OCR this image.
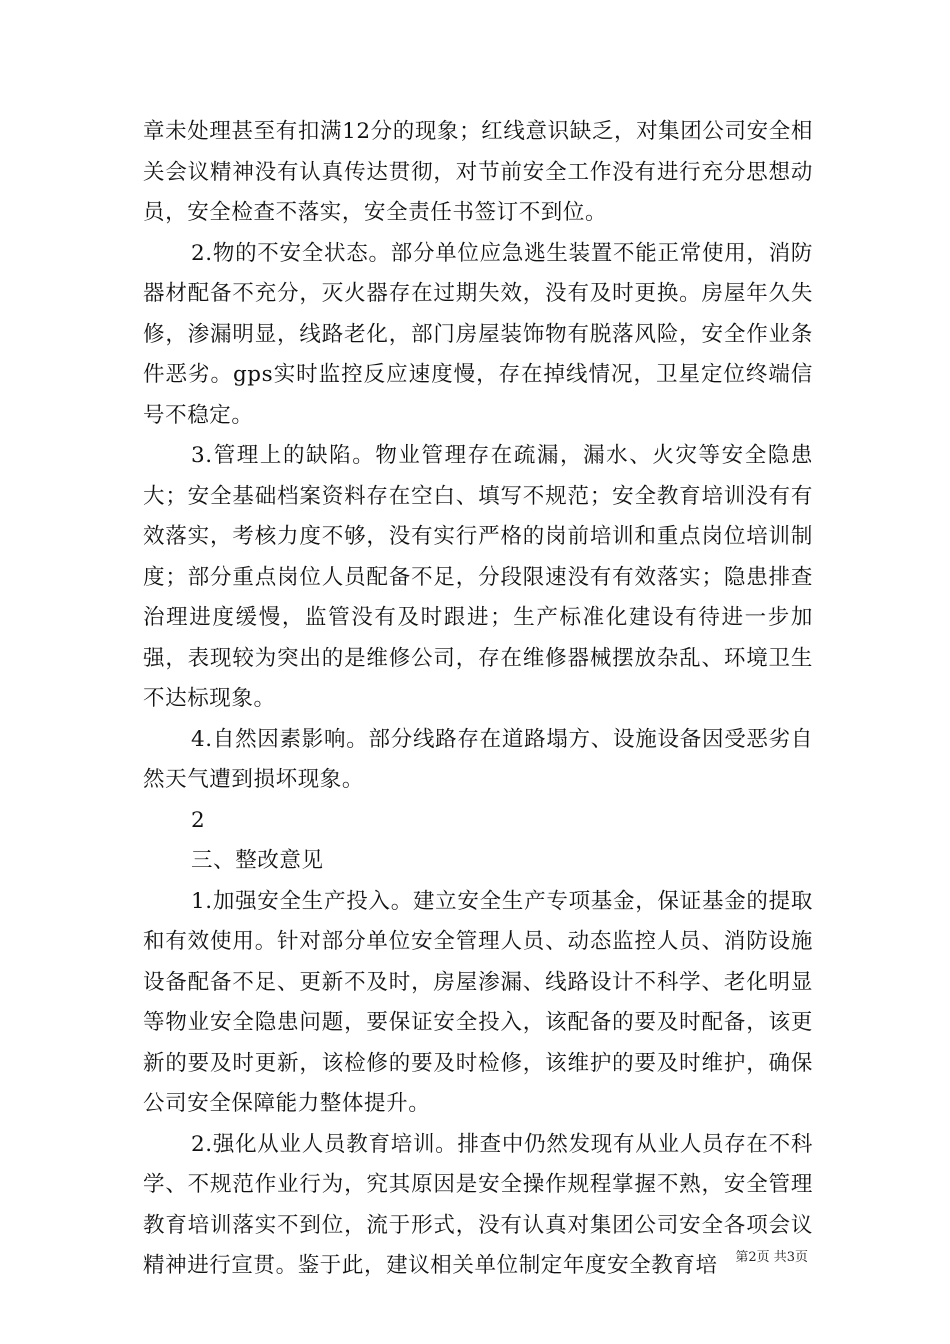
章未处理甚至有扣满12分的现象；红线意识缺乏，对集团公司安全相关会议精神没有认真传达贯彻，对节前安全工作没有进行充分思想动员，安全检查不落实，安全责任书签订不到位。

2.物的不安全状态。部分单位应急逃生装置不能正常使用，消防器材配备不充分，灭火器存在过期失效，没有及时更换。房屋年久失修，渗漏明显，线路老化，部门房屋装饰物有脱落风险，安全作业条件恶劣。gps实时监控反应速度慢，存在掉线情况，卫星定位终端信号不稳定。

3.管理上的缺陷。物业管理存在疏漏，漏水、火灾等安全隐患大；安全基础档案资料存在空白、填写不规范；安全教育培训没有有效落实，考核力度不够，没有实行严格的岗前培训和重点岗位培训制度；部分重点岗位人员配备不足，分段限速没有有效落实；隐患排查治理进度缓慢，监管没有及时跟进；生产标准化建设有待进一步加强，表现较为突出的是维修公司，存在维修器械摆放杂乱、环境卫生不达标现象。

4.自然因素影响。部分线路存在道路塌方、设施设备因受恶劣自然天气遭到损坏现象。

2

三、整改意见

1.加强安全生产投入。建立安全生产专项基金，保证基金的提取和有效使用。针对部分单位安全管理人员、动态监控人员、消防设施设备配备不足、更新不及时，房屋渗漏、线路设计不科学、老化明显等物业安全隐患问题，要保证安全投入，该配备的要及时配备，该更新的要及时更新，该检修的要及时检修，该维护的要及时维护，确保公司安全保障能力整体提升。

2.强化从业人员教育培训。排查中仍然发现有从业人员存在不科学、不规范作业行为，究其原因是安全操作规程掌握不熟，安全管理教育培训落实不到位，流于形式，没有认真对集团公司安全各项会议精神进行宣贯。鉴于此，建议相关单位制定年度安全教育培	第2页 共3页
